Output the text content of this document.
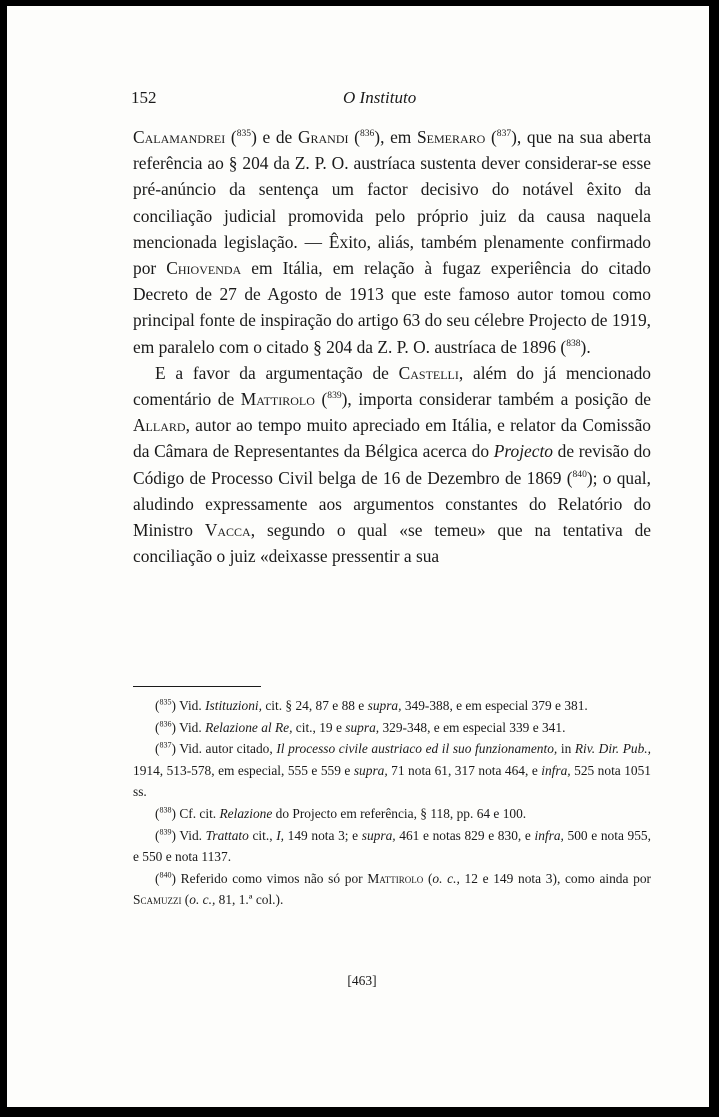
152	O Instituto

Calamandrei ($^{835}$) e de Grandi ($^{836}$), em Semeraro ($^{837}$), que na sua aberta referência ao § 204 da Z. P. O. austríaca sustenta dever considerar-se esse pré-anúncio da sentença um factor decisivo do notável êxito da conciliação judicial promovida pelo próprio juiz da causa naquela mencionada legislação. — Êxito, aliás, também plenamente confirmado por Chiovenda em Itália, em relação à fugaz experiência do citado Decreto de 27 de Agosto de 1913 que este famoso autor tomou como principal fonte de inspiração do artigo 63 do seu célebre Projecto de 1919, em paralelo com o citado § 204 da Z. P. O. austríaca de 1896 ($^{838}$).

E a favor da argumentação de Castelli, além do já mencionado comentário de Mattirolo ($^{839}$), importa considerar também a posição de Allard, autor ao tempo muito apreciado em Itália, e relator da Comissão da Câmara de Representantes da Bélgica acerca do Projecto de revisão do Código de Processo Civil belga de 16 de Dezembro de 1869 ($^{840}$); o qual, aludindo expressamente aos argumentos constantes do Relatório do Ministro Vacca, segundo o qual «se temeu» que na tentativa de conciliação o juiz «deixasse pressentir a sua

($^{835}$) Vid. Istituzioni, cit. § 24, 87 e 88 e supra, 349-388, e em especial 379 e 381.

($^{836}$) Vid. Relazione al Re, cit., 19 e supra, 329-348, e em especial 339 e 341.

($^{837}$) Vid. autor citado, Il processo civile austriaco ed il suo funzionamento, in Riv. Dir. Pub., 1914, 513-578, em especial, 555 e 559 e supra, 71 nota 61, 317 nota 464, e infra, 525 nota 1051 ss.

($^{838}$) Cf. cit. Relazione do Projecto em referência, § 118, pp. 64 e 100.

($^{839}$) Vid. Trattato cit., I, 149 nota 3; e supra, 461 e notas 829 e 830, e infra, 500 e nota 955, e 550 e nota 1137.

($^{840}$) Referido como vimos não só por Mattirolo (o. c., 12 e 149 nota 3), como ainda por Scamuzzi (o. c., 81, 1.ª col.).

[463]
